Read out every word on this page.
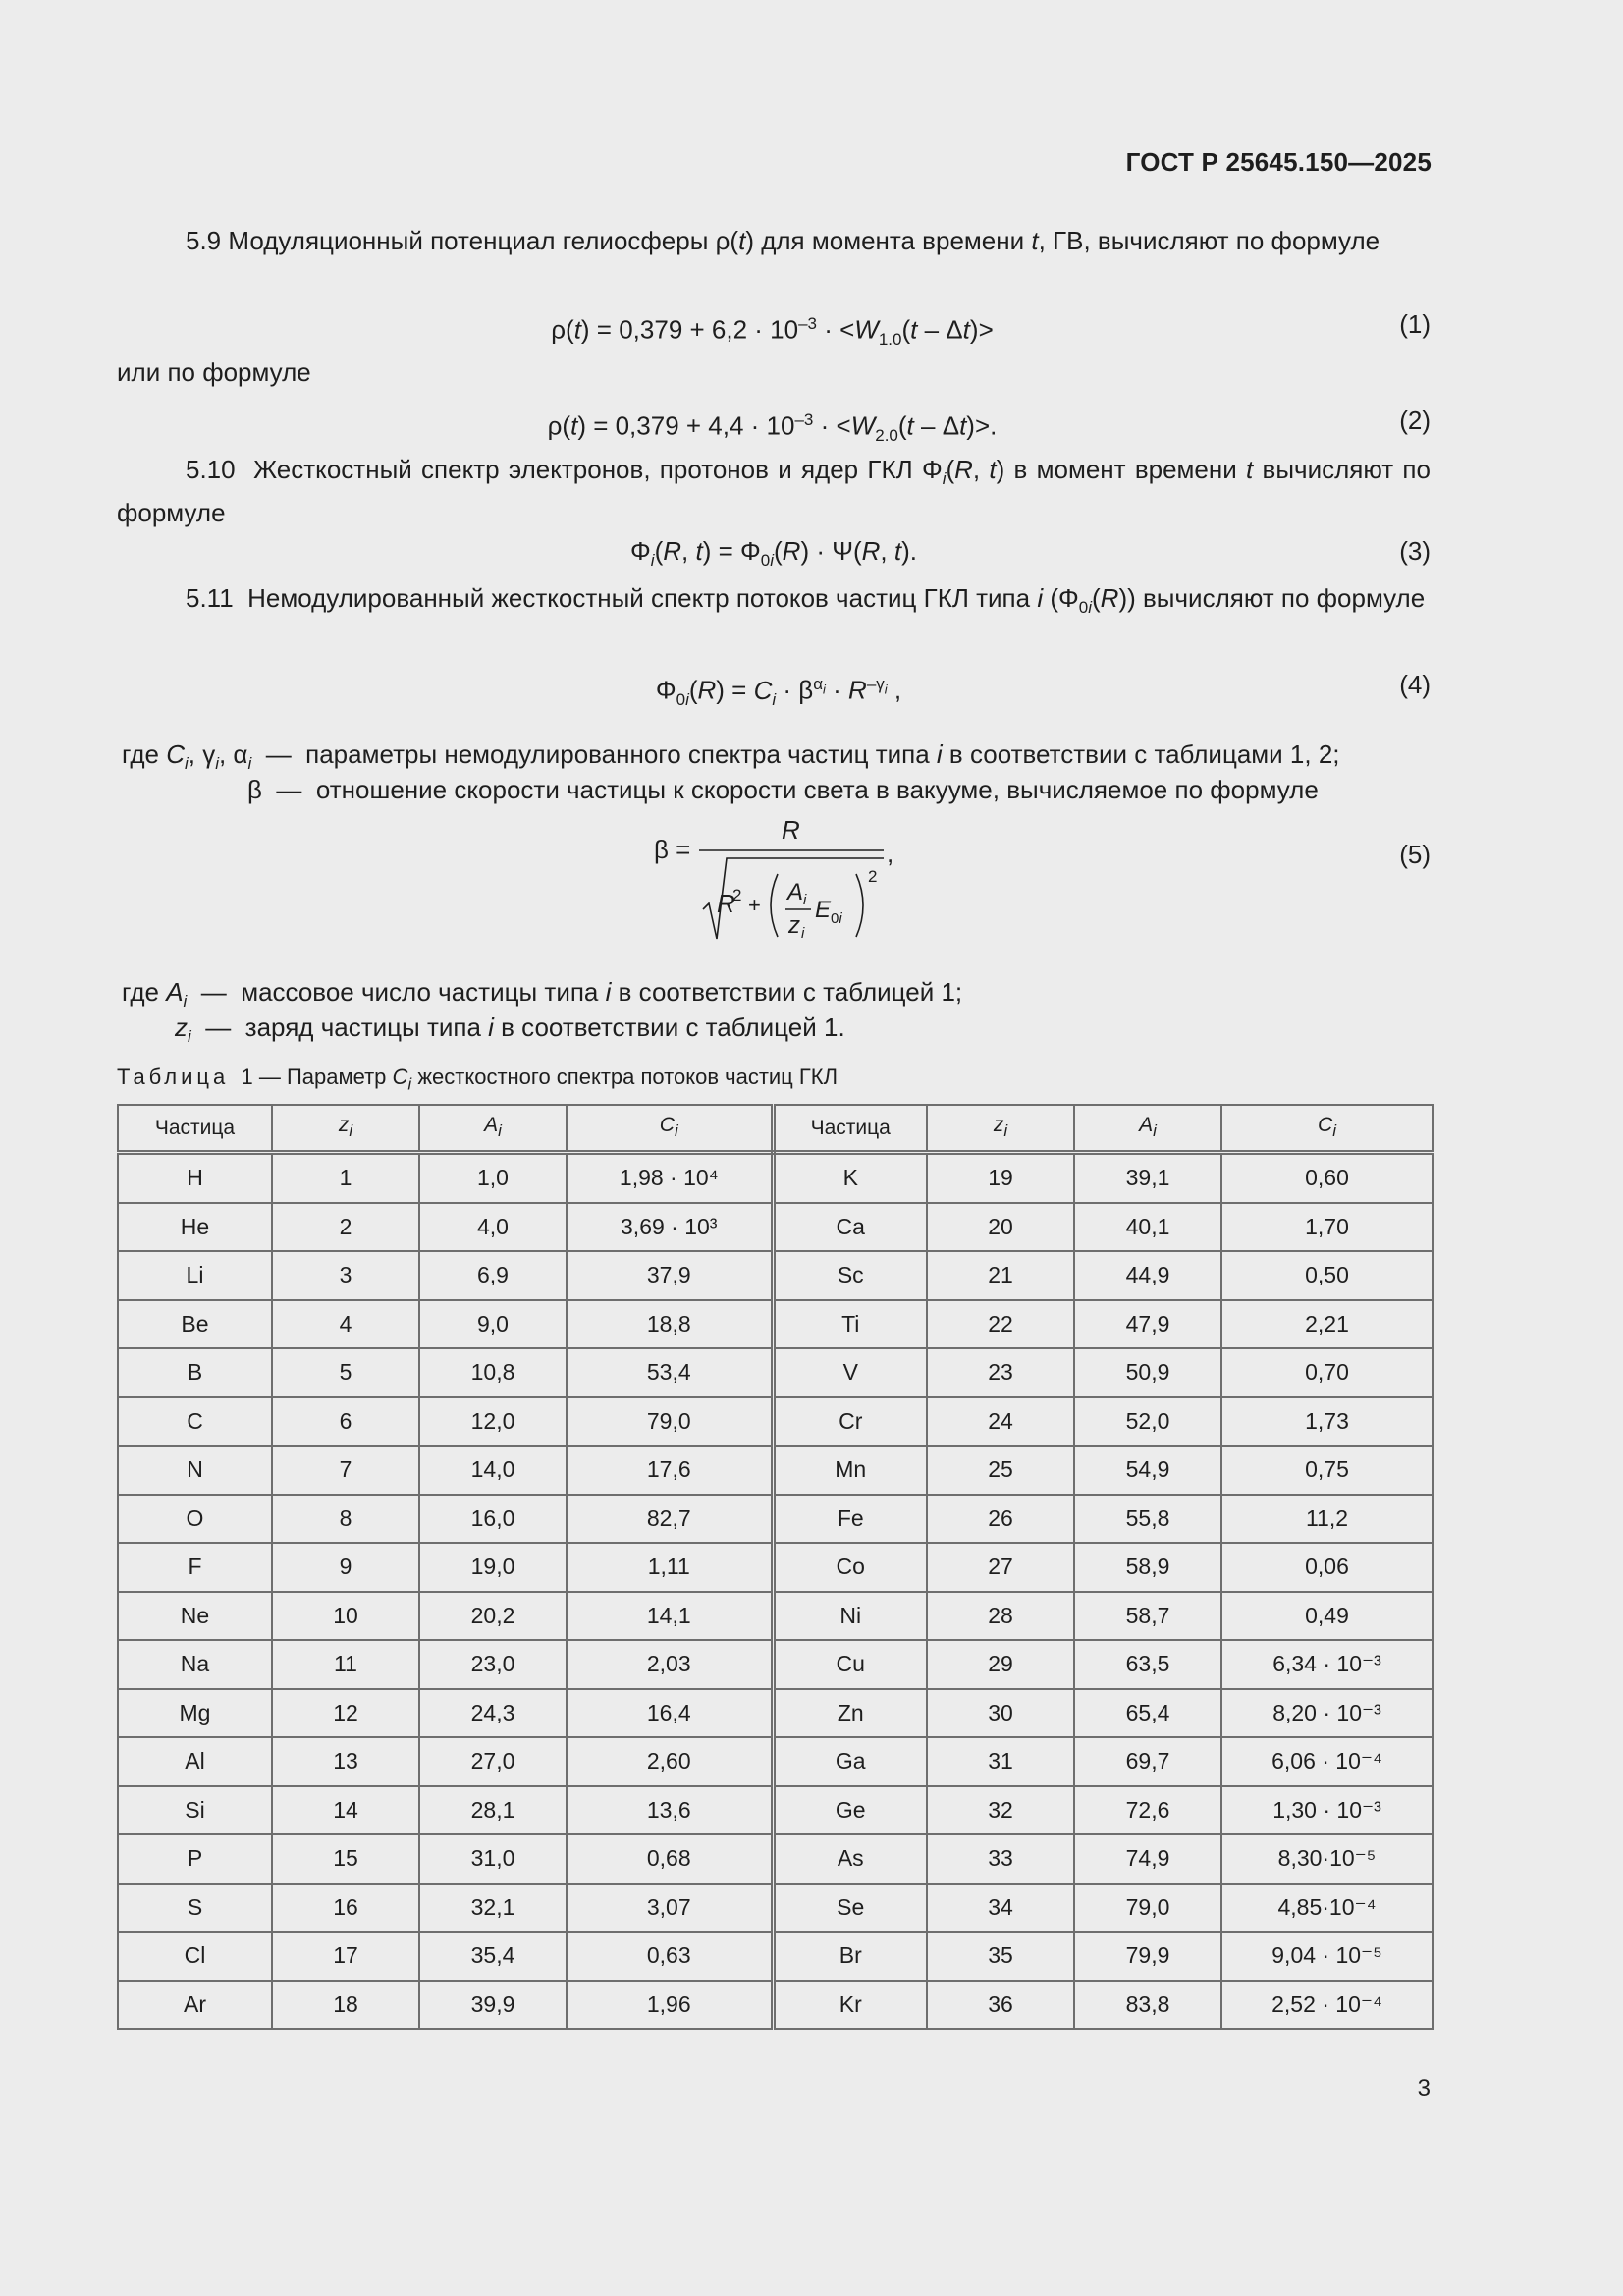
ГОСТ Р 25645.150—2025
5.9 Модуляционный потенциал гелиосферы ρ(t) для момента времени t, ГВ, вычисляют по формуле
$\rho(t) = 0,379 + 6,2 \cdot 10^{-3} \cdot <W_{1.0}(t - \Delta t)>$	(1)
или по формуле
$\rho(t) = 0,379 + 4,4 \cdot 10^{-3} \cdot <W_{2.0}(t - \Delta t)>$.	(2)
5.10  Жесткостный спектр электронов, протонов и ядер ГКЛ $\Phi_i(R$, t) в момент времени t вычисляют по формуле
$\Phi_i(R$, $t) = \Phi_{0i}(R) \cdot \Psi(R$, t).	(3)
5.11  Немодулированный жесткостный спектр потоков частиц ГКЛ типа i $(\Phi_{0i}(R))$ вычисляют по формуле
$\Phi_{0i}(R) = C_i \cdot \beta^{\alpha_i} \cdot R^{-\gamma_i}$ ,	(4)
где $C_i$, $\gamma_i$, $\alpha_i$  —  параметры немодулированного спектра частиц типа i в соответствии с таблицами 1, 2;
β  —  отношение скорости частицы к скорости света в вакууме, вычисляемое по формуле
β =
R
R
2 + A i
z i
E 0i
2
,	(5)
где $A_i$  —  массовое число частицы типа i в соответствии с таблицей 1;
$z_i$  —  заряд частицы типа i в соответствии с таблицей 1.
Таблица  1 — Параметр $C_i$ жесткостного спектра потоков частиц ГКЛ
Частица	$z_i$	$A_i$	$C_i$	Частица	$z_i$	$A_i$	$C_i$
H	1	1,0	1,98 · 10⁴	K	19	39,1	0,60
He	2	4,0	3,69 · 10³	Ca	20	40,1	1,70
Li	3	6,9	37,9	Sc	21	44,9	0,50
Be	4	9,0	18,8	Ti	22	47,9	2,21
B	5	10,8	53,4	V	23	50,9	0,70
C	6	12,0	79,0	Cr	24	52,0	1,73
N	7	14,0	17,6	Mn	25	54,9	0,75
O	8	16,0	82,7	Fe	26	55,8	11,2
F	9	19,0	1,11	Co	27	58,9	0,06
Ne	10	20,2	14,1	Ni	28	58,7	0,49
Na	11	23,0	2,03	Cu	29	63,5	6,34 · 10⁻³
Mg	12	24,3	16,4	Zn	30	65,4	8,20 · 10⁻³
Al	13	27,0	2,60	Ga	31	69,7	6,06 · 10⁻⁴
Si	14	28,1	13,6	Ge	32	72,6	1,30 · 10⁻³
P	15	31,0	0,68	As	33	74,9	8,30·10⁻⁵
S	16	32,1	3,07	Se	34	79,0	4,85·10⁻⁴
Cl	17	35,4	0,63	Br	35	79,9	9,04 · 10⁻⁵
Ar	18	39,9	1,96	Kr	36	83,8	2,52 · 10⁻⁴
3
